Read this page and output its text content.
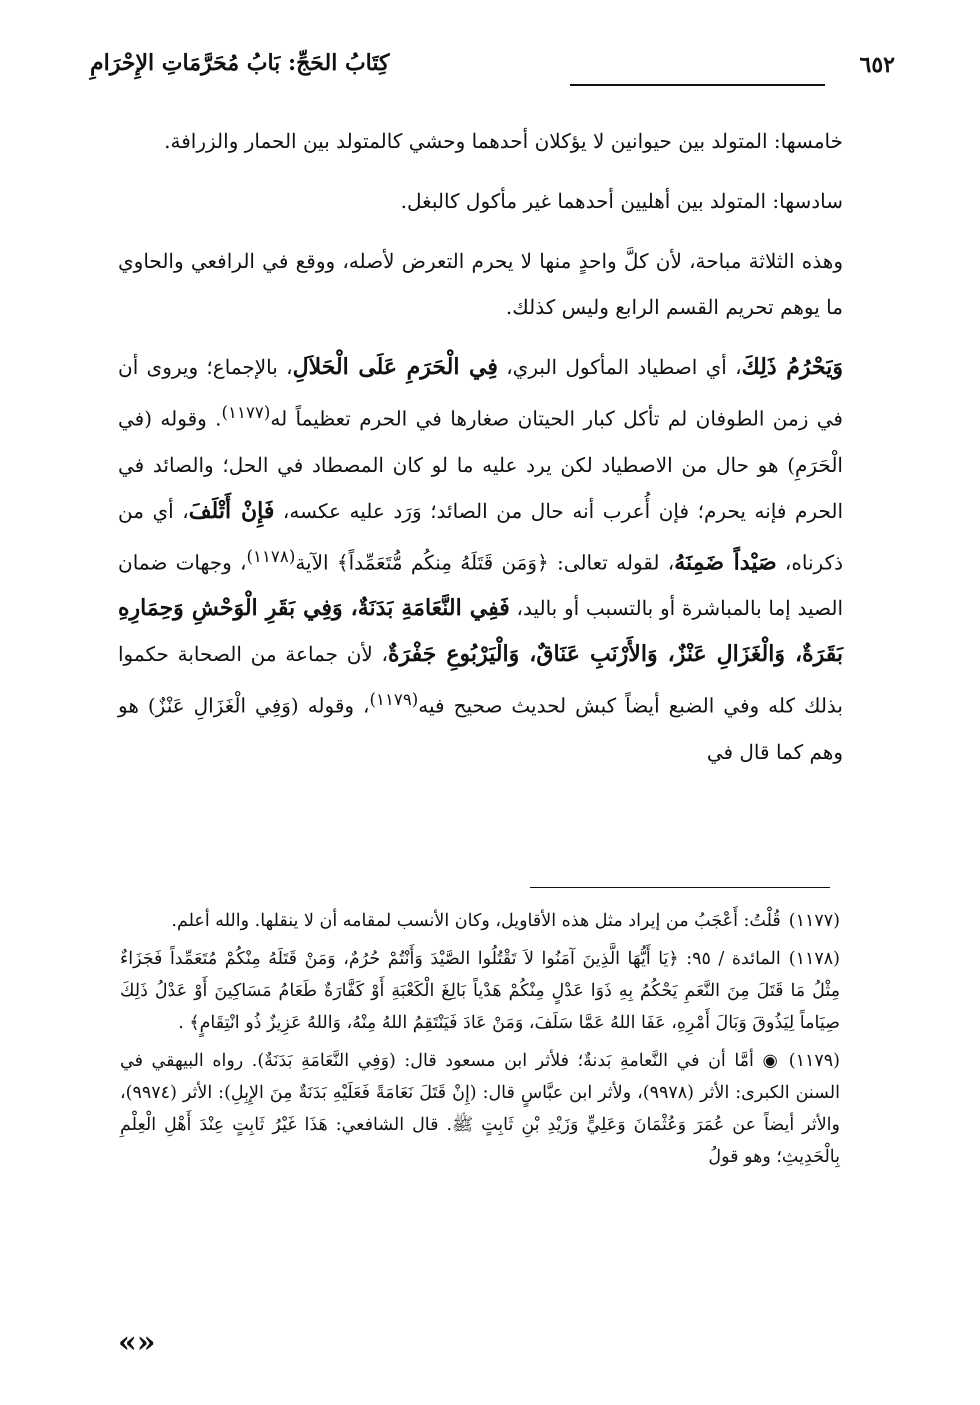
٦٥٢
كِتَابُ الحَجِّ: بَابُ مُحَرَّمَاتِ الإِحْرَامِ

خامسها: المتولد بين حيوانين لا يؤكلان أحدهما وحشي كالمتولد بين الحمار والزرافة.

سادسها: المتولد بين أهليين أحدهما غير مأكول كالبغل.

وهذه الثلاثة مباحة، لأن كلَّ واحدٍ منها لا يحرم التعرض لأصله، ووقع في الرافعي والحاوي ما يوهم تحريم القسم الرابع وليس كذلك.

وَيَحْرُمُ ذَلِكَ، أي اصطياد المأكول البري، فِي الْحَرَمِ عَلَى الْحَلاَلِ، بالإجماع؛ ويروى أن في زمن الطوفان لم تأكل كبار الحيتان صغارها في الحرم تعظيماً له$^{(١١٧٧)}$. وقوله (في الْحَرَمِ) هو حال من الاصطياد لكن يرد عليه ما لو كان المصطاد في الحل؛ والصائد في الحرم فإنه يحرم؛ فإن أُعرب أنه حال من الصائد؛ وَرَد عليه عكسه، فَإِنْ أَتْلَفَ، أي من ذكرناه، صَيْداً ضَمِنَهُ، لقوله تعالى: ﴿وَمَن قَتَلَهُ مِنكُم مُّتَعَمِّداً﴾ الآية$^{(١١٧٨)}$، وجهات ضمان الصيد إما بالمباشرة أو بالتسبب أو باليد، فَفِي النَّعَامَةِ بَدَنَةٌ، وَفِي بَقَرِ الْوَحْشِ وَحِمَارِهِ بَقَرَةٌ، وَالْغَزَالِ عَنْزٌ، وَالأَرْنَبِ عَنَاقٌ، وَالْيَرْبُوعِ جَفْرَةٌ، لأن جماعة من الصحابة حكموا بذلك كله وفي الضبع أيضاً كبش لحديث صحيح فيه$^{(١١٧٩)}$، وقوله (وَفِي الْغَزَالِ عَنْزٌ) هو وهم كما قال في

(١١٧٧)قُلْتُ: أَعْجَبُ من إيراد مثل هذه الأقاويل، وكان الأنسب لمقامه أن لا ينقلها. والله أعلم.

(١١٧٨)المائدة / ٩٥: ﴿يَا أَيُّهَا الَّذِينَ آمَنُوا لاَ تَقْتُلُوا الصَّيْدَ وَأَنْتُمْ حُرُمٌ، وَمَنْ قَتَلَهُ مِنْكُمْ مُتَعَمِّداً فَجَزَاءٌ مِثْلُ مَا قَتَلَ مِنَ النَّعَمِ يَحْكُمُ بِهِ ذَوَا عَدْلٍ مِنْكُمْ هَدْياً بَالِغَ الْكَعْبَةِ أَوْ كَفَّارَةٌ طَعَامُ مَسَاكِينَ أَوْ عَدْلُ ذَلِكَ صِيَاماً لِيَذُوقَ وَبَالَ أَمْرِهِ، عَفَا اللهُ عَمَّا سَلَفَ، وَمَنْ عَادَ فَيَنْتَقِمُ اللهُ مِنْهُ، وَاللهُ عَزِيزٌ ذُو انْتِقَامٍ﴾ .

(١١٧٩)◉ أمَّا أن في النَّعامةِ بَدنةٌ؛ فلأثر ابن مسعود قال: (وَفِي النَّعَامَةِ بَدَنَةٌ). رواه البيهقي في السنن الكبرى: الأثر (٩٩٧٨)، ولأثر ابن عبَّاسٍ قال: (إِنْ قَتَلَ نَعَامَةً فَعَلَيْهِ بَدَنَةٌ مِنَ الإِبِلِ): الأثر (٩٩٧٤)، والأثر أيضاً عن عُمَرَ وَعُثْمَانَ وَعَلِيٍّ وَزَيْدِ بْنِ ثَابِتٍ ﷺ. قال الشافعي: هَذَا غَيْرُ ثَابِتٍ عِنْدَ أَهْلِ الْعِلْمِ بِالْحَدِيثِ؛ وهو قولُ

«»
